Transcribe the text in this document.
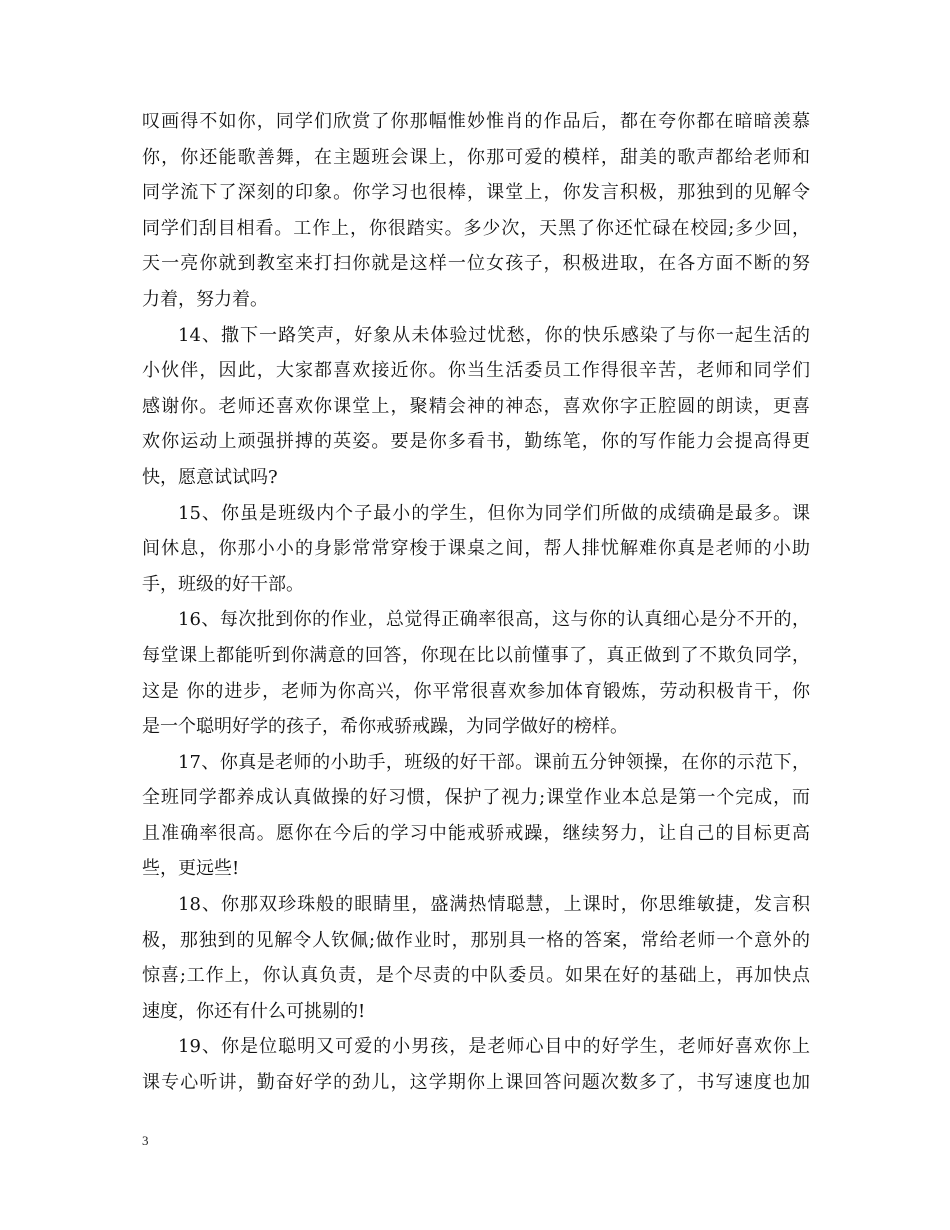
叹画得不如你，同学们欣赏了你那幅惟妙惟肖的作品后，都在夸你都在暗暗羡慕
你，你还能歌善舞，在主题班会课上，你那可爱的模样，甜美的歌声都给老师和
同学流下了深刻的印象。你学习也很棒，课堂上，你发言积极，那独到的见解令
同学们刮目相看。工作上，你很踏实。多少次，天黑了你还忙碌在校园;多少回，
天一亮你就到教室来打扫你就是这样一位女孩子，积极进取，在各方面不断的努
力着，努力着。
14、撒下一路笑声，好象从未体验过忧愁，你的快乐感染了与你一起生活的
小伙伴，因此，大家都喜欢接近你。你当生活委员工作得很辛苦，老师和同学们
感谢你。老师还喜欢你课堂上，聚精会神的神态，喜欢你字正腔圆的朗读，更喜
欢你运动上顽强拼搏的英姿。要是你多看书，勤练笔，你的写作能力会提高得更
快，愿意试试吗?
15、你虽是班级内个子最小的学生，但你为同学们所做的成绩确是最多。课
间休息，你那小小的身影常常穿梭于课桌之间，帮人排忧解难你真是老师的小助
手，班级的好干部。
16、每次批到你的作业，总觉得正确率很高，这与你的认真细心是分不开的，
每堂课上都能听到你满意的回答，你现在比以前懂事了，真正做到了不欺负同学，
这是 你的进步，老师为你高兴，你平常很喜欢参加体育锻炼，劳动积极肯干，你
是一个聪明好学的孩子，希你戒骄戒躁，为同学做好的榜样。
17、你真是老师的小助手，班级的好干部。课前五分钟领操，在你的示范下，
全班同学都养成认真做操的好习惯，保护了视力;课堂作业本总是第一个完成，而
且准确率很高。愿你在今后的学习中能戒骄戒躁，继续努力，让自己的目标更高
些，更远些!
18、你那双珍珠般的眼睛里，盛满热情聪慧，上课时，你思维敏捷，发言积
极，那独到的见解令人钦佩;做作业时，那别具一格的答案，常给老师一个意外的
惊喜;工作上，你认真负责，是个尽责的中队委员。如果在好的基础上，再加快点
速度，你还有什么可挑剔的!
19、你是位聪明又可爱的小男孩，是老师心目中的好学生，老师好喜欢你上
课专心听讲，勤奋好学的劲儿，这学期你上课回答问题次数多了，书写速度也加
3
